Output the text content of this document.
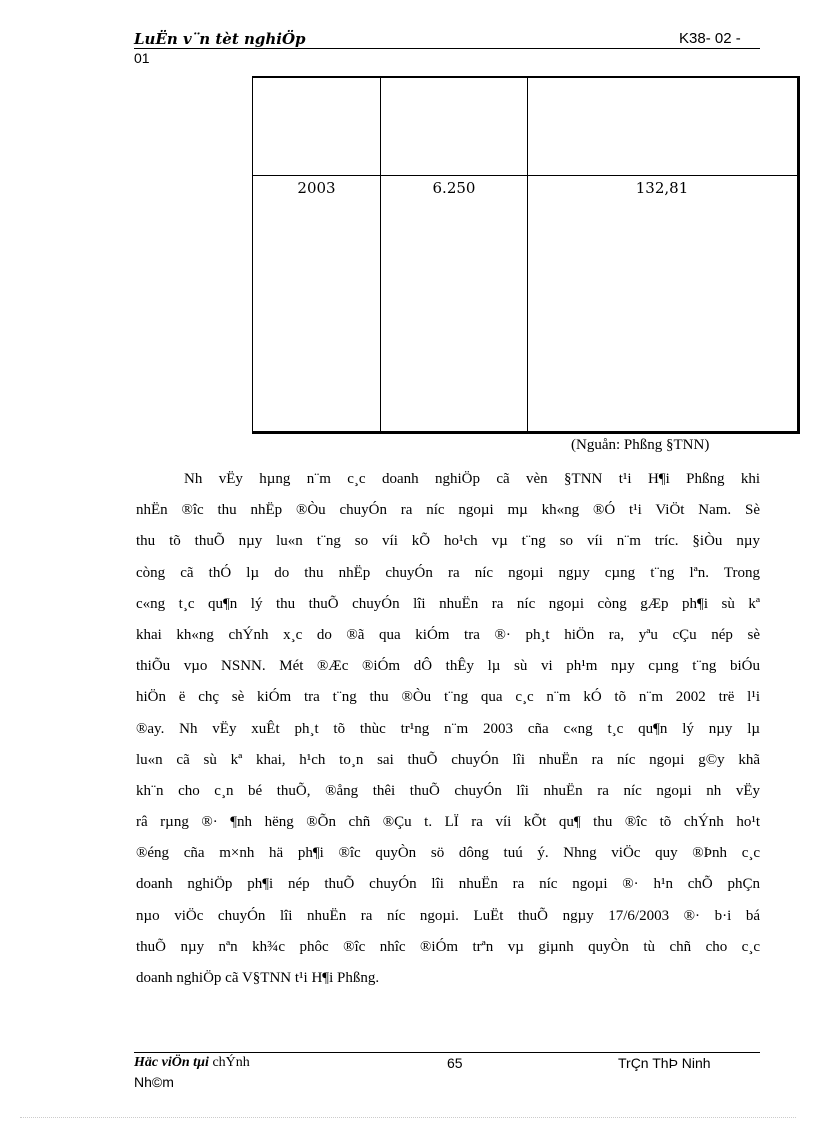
LuËn v¨n tèt nghiÖp	K38- 02 -
01
2003	6.250	132,81
(Nguån: Phßng §TNN)
Nh vËy hµng n¨m c¸c doanh nghiÖp cã vèn §TNN t¹i H¶i Phßng khi
nhËn ®îc thu nhËp ®Òu chuyÓn ra níc ngoµi mµ kh«ng ®Ó t¹i ViÖt Nam. Sè
thu tõ thuÕ nµy lu«n t¨ng so víi kÕ ho¹ch vµ t¨ng so víi n¨m tríc. §iÒu nµy
còng cã thÓ lµ do thu nhËp chuyÓn ra níc ngoµi ngµy cµng t¨ng lªn. Trong
c«ng t¸c qu¶n lý thu thuÕ chuyÓn lîi nhuËn ra níc ngoµi còng gÆp ph¶i sù kª
khai kh«ng chÝnh x¸c do ®ã qua kiÓm tra ®· ph¸t hiÖn ra, yªu cÇu nép sè
thiÕu vµo NSNN. Mét ®Æc ®iÓm dÔ thÊy lµ sù vi ph¹m nµy cµng t¨ng biÓu
hiÖn ë chç sè kiÓm tra t¨ng thu ®Òu t¨ng qua c¸c n¨m kÓ tõ n¨m 2002 trë l¹i
®ay. Nh vËy xuÊt ph¸t tõ thùc tr¹ng n¨m 2003 cña c«ng t¸c qu¶n lý nµy lµ
lu«n cã sù kª khai, h¹ch to¸n sai thuÕ chuyÓn lîi nhuËn ra níc ngoµi g©y khã
kh¨n cho c¸n bé thuÕ, ®ång thêi thuÕ chuyÓn lîi nhuËn ra níc ngoµi nh vËy
râ rµng ®· ¶nh hëng ®Õn chñ ®Çu t. LÏ ra víi kÕt qu¶ thu ®îc tõ chÝnh ho¹t
®éng cña m×nh hä ph¶i ®îc quyÒn sö dông tuú ý. Nhng viÖc quy ®Þnh c¸c
doanh nghiÖp ph¶i nép thuÕ chuyÓn lîi nhuËn ra níc ngoµi ®· h¹n chÕ phÇn
nµo viÖc chuyÓn lîi nhuËn ra níc ngoµi. LuËt thuÕ ngµy 17/6/2003 ®· b·i bá
thuÕ nµy nªn kh¾c phôc ®îc nhîc ®iÓm trªn vµ giµnh quyÒn tù chñ cho c¸c
doanh nghiÖp cã V§TNN t¹i H¶i Phßng.
Häc viÖn tµi chÝnh
Nh©m
65	TrÇn ThÞ Ninh
